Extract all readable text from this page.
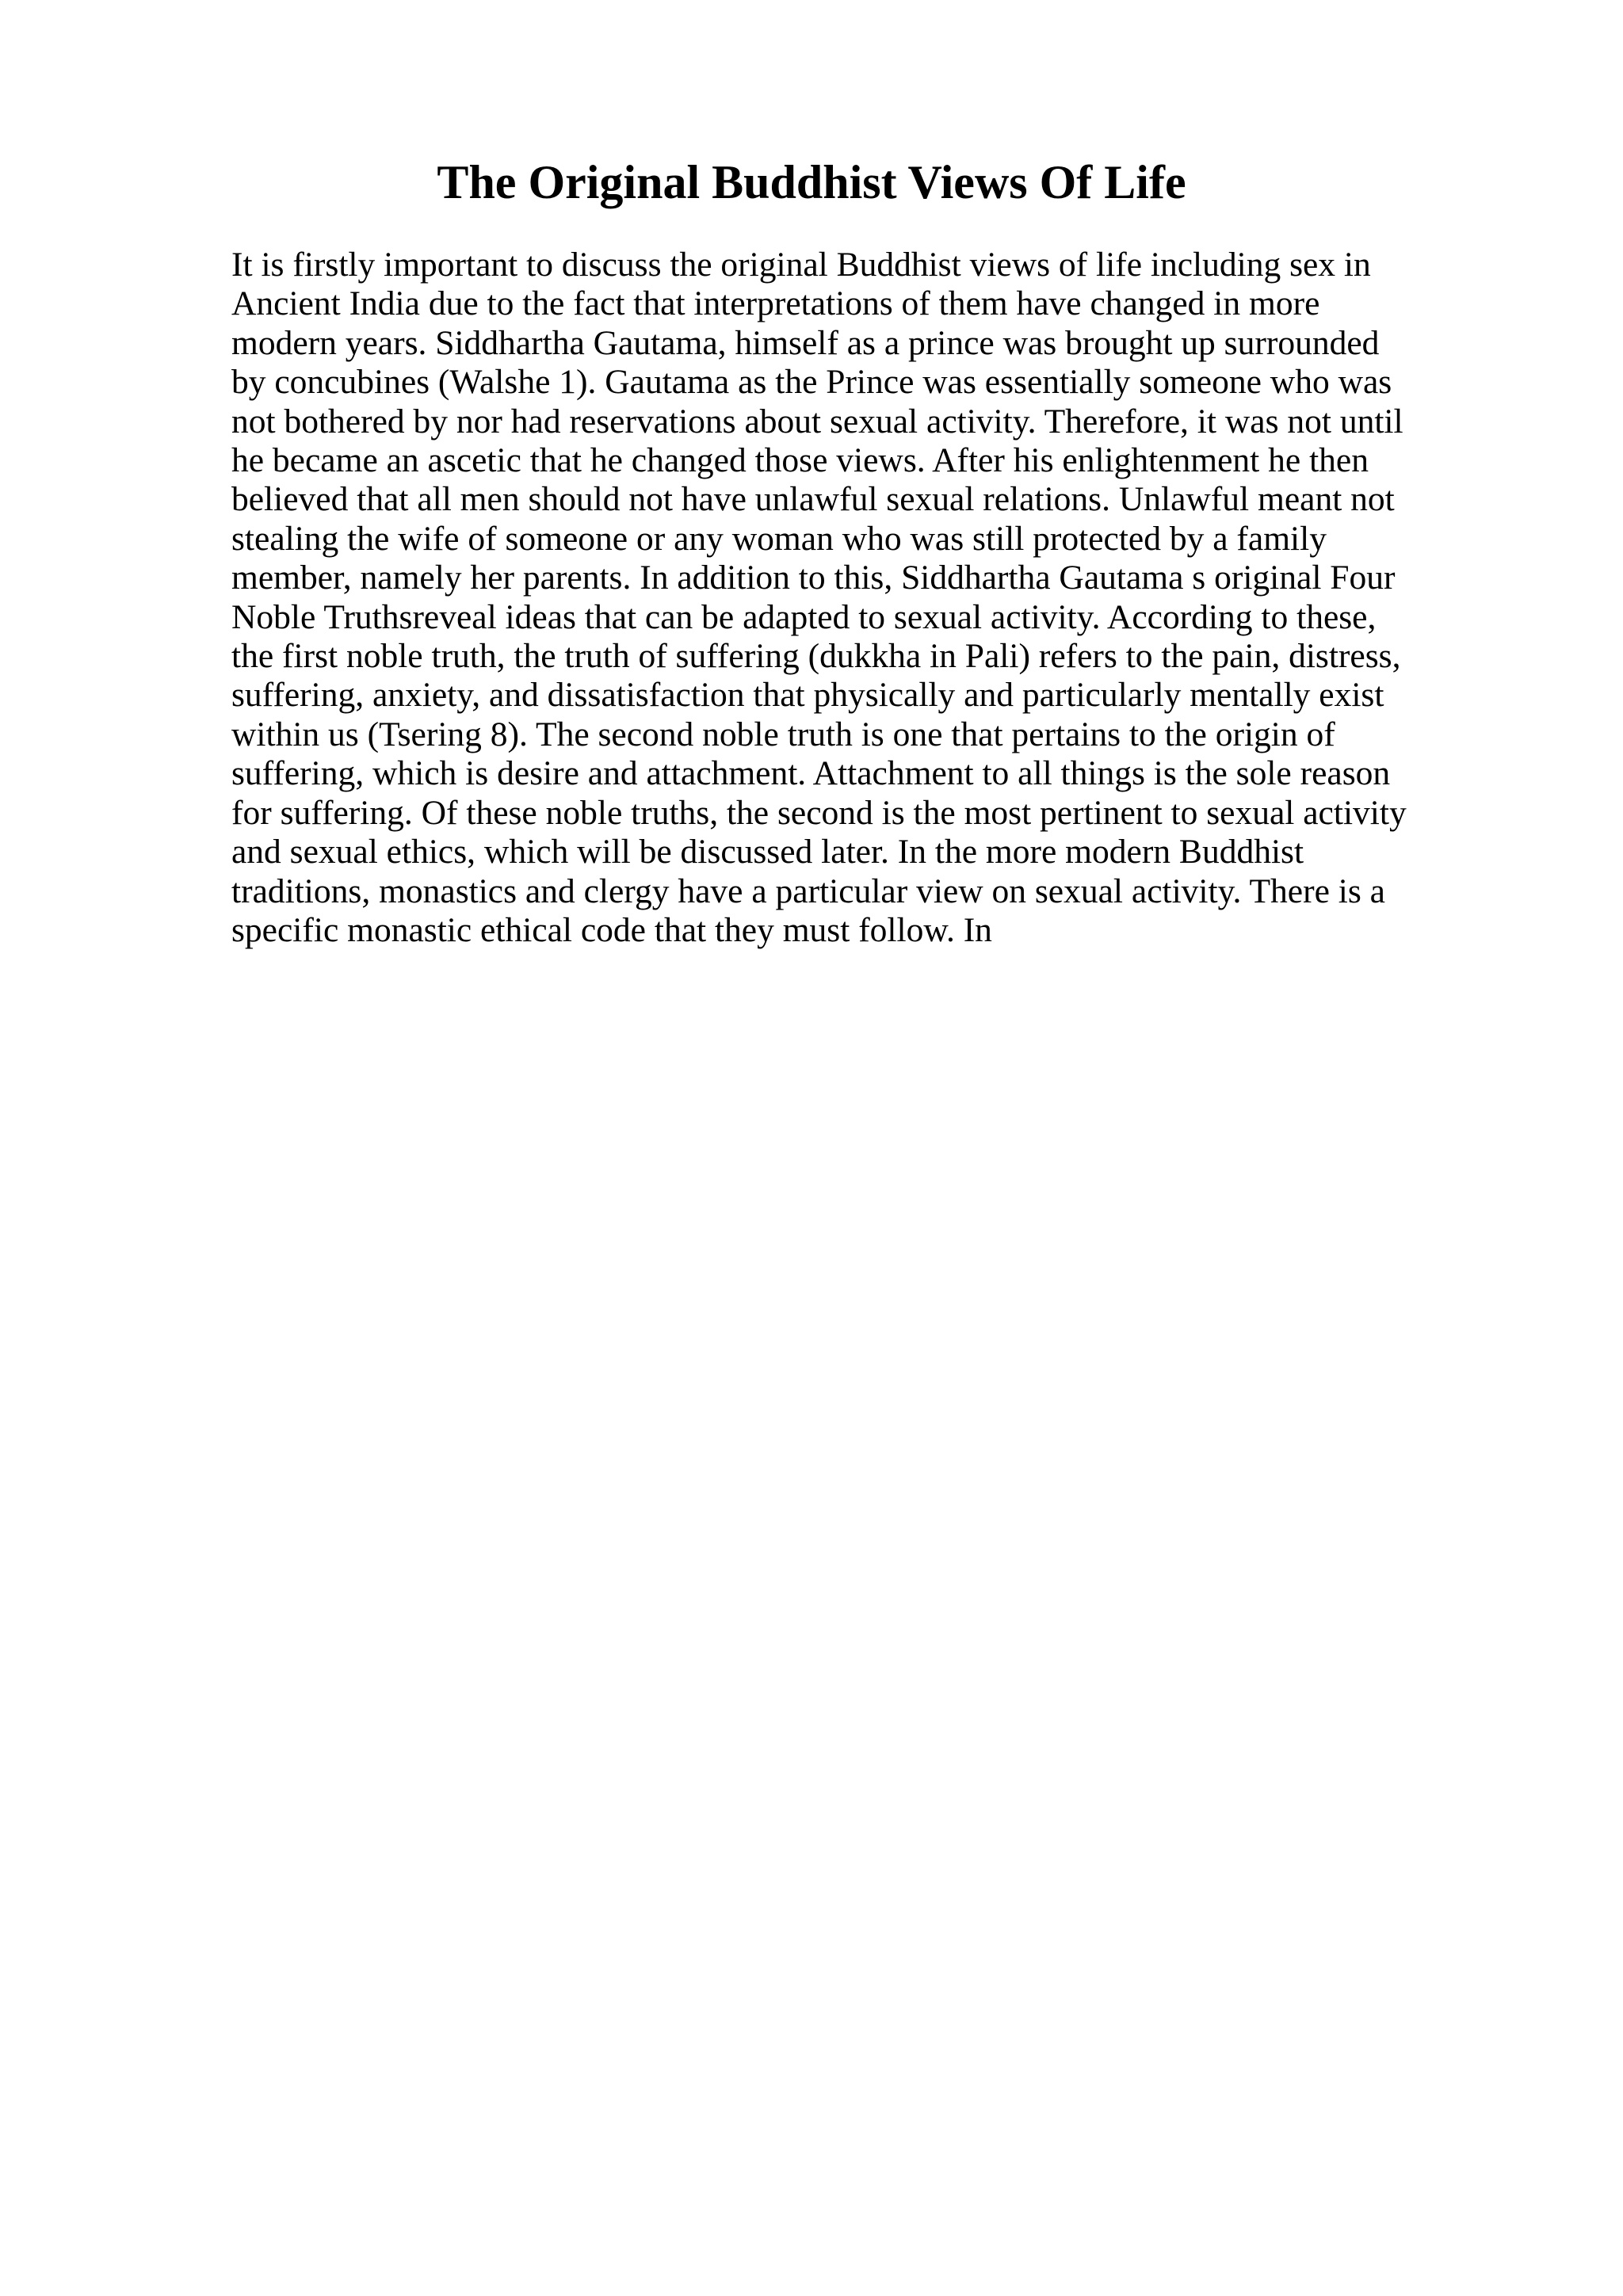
The Original Buddhist Views Of Life
It is firstly important to discuss the original Buddhist views of life including sex in
Ancient India due to the fact that interpretations of them have changed in more
modern years. Siddhartha Gautama, himself as a prince was brought up surrounded
by concubines (Walshe 1). Gautama as the Prince was essentially someone who was
not bothered by nor had reservations about sexual activity. Therefore, it was not until
he became an ascetic that he changed those views. After his enlightenment he then
believed that all men should not have unlawful sexual relations. Unlawful meant not
stealing the wife of someone or any woman who was still protected by a family
member, namely her parents. In addition to this, Siddhartha Gautama s original Four
Noble Truthsreveal ideas that can be adapted to sexual activity. According to these,
the first noble truth, the truth of suffering (dukkha in Pali) refers to the pain, distress,
suffering, anxiety, and dissatisfaction that physically and particularly mentally exist
within us (Tsering 8). The second noble truth is one that pertains to the origin of
suffering, which is desire and attachment. Attachment to all things is the sole reason
for suffering. Of these noble truths, the second is the most pertinent to sexual activity
and sexual ethics, which will be discussed later. In the more modern Buddhist
traditions, monastics and clergy have a particular view on sexual activity. There is a
specific monastic ethical code that they must follow. In
